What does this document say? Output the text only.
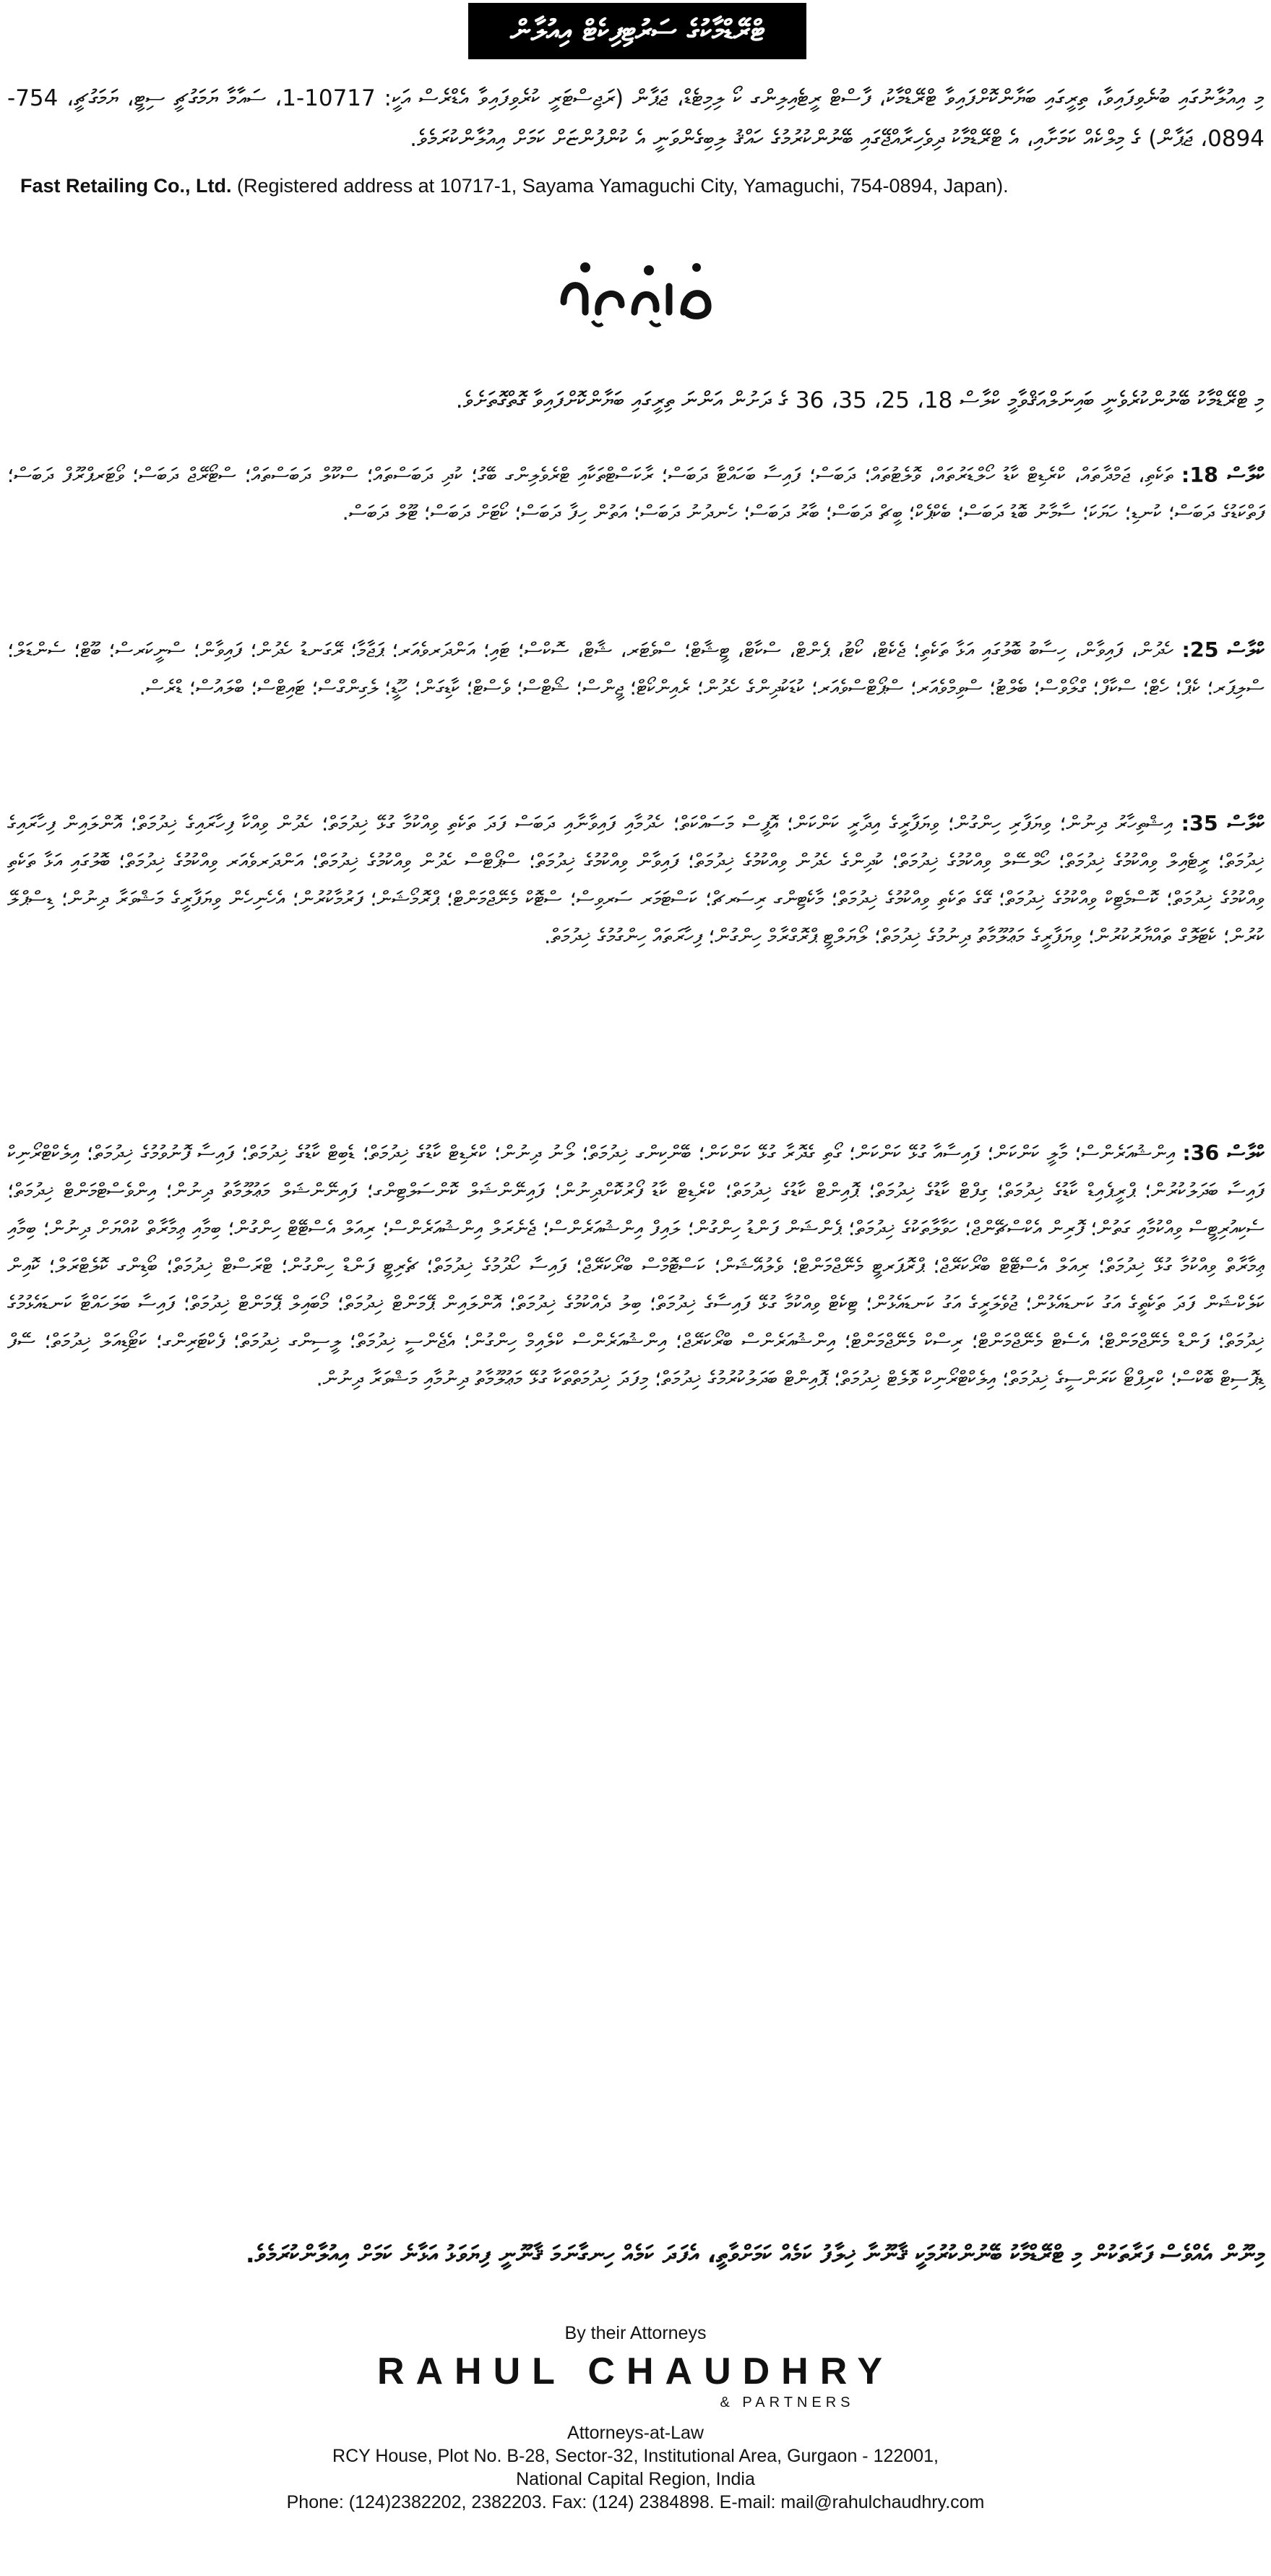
ޓްރޭޑްމާކުގެ ސަރުޓިފިކެޓް އިއުލާން
މި އިއުލާނުގައި ބުނެވިފައިވާ، ތިރީގައި ބަޔާންކޮށްފައިވާ ޓްރޭޑްމާކު، ފާސްޓް ރީޓެއިލިންގ ކޯ ލިމިޓެޑް، ޖަޕާން (ރަޖިސްޓަރީ ކުރެވިފައިވާ އެޑްރެސް އަކީ: 10717-1، ސައާމާ ޔަމަގުޗީ ސިޓީ، ޔަމަގުޗީ، 754-0894، ޖަޕާން) ގެ މިލްކެއް ކަމަށާއި، އެ ޓްރޭޑްމާކު ދިވެހިރާއްޖޭގައި ބޭނުންކުރުމުގެ ހައްޤު ލިބިގެންވަނީ އެ ކުންފުންޏަށް ކަމަށް އިއުލާންކުރަމެވެ.
Fast Retailing Co., Ltd. (Registered address at 10717-1, Sayama Yamaguchi City, Yamaguchi, 754-0894, Japan).
މި ޓްރޭޑްމާކު ބޭނުންކުރެވެނީ ބައިނަލްއަޤްވާމީ ކްލާސް 18، 25، 35، 36 ގެ ދަށުން އަންނަ ތިރީގައި ބަޔާންކޮށްފައިވާ ގޮތްގޮތަށެވެ.
ކްލާސް 18: ތަކެތި، ޖަމްދާތައް، ކްރެޑިޓް ކާޑު ހޯލްޑަރުތައް، ވޮލެޓުތައް؛ ދަބަސް؛ ފައިސާ ބަހައްޓާ ދަބަސް؛ ރާކަސްޓްތަކާއި ޓްރެވެލިންގ ބޭގު؛ ކުދި ދަބަސްތައް؛ ސްކޫލް ދަބަސްތައް؛ ސްޓޯރޭޖް ދަބަސް؛ ވޯޓަރޕްރޫފް ދަބަސް؛ ފަތްކަޑުގެ ދަބަސް؛ ކުނޑި؛ ހަޔަކަ؛ ސާމާނު ބޮޑު ދަބަސް؛ ބެކްޕެކް؛ ބީޗް ދަބަސް؛ ބާރު ދަބަސް؛ ހެނދުނު ދަބަސް؛ އަތުން ހިފާ ދަބަސް؛ ކޯޓަށް ދަބަސް؛ ޓޫލް ދަބަސް.
ކްލާސް 25: ހެދުން، ފައިވާން، ހިސާބު ބޮލުގައި އަޅާ ތަކެތި؛ ޖެކެޓް، ކޯޓު، ޕެންޓް، ސްކާޓް، ޓީޝާޓް؛ ސްވެޓަރ، ޝާޓް، ސޮކްސް؛ ޓައި؛ އަންދަރވެއަރ؛ ޕަޖާމާ؛ ރޭގަނޑު ހެދުން؛ ފައިވާން؛ ސްނީކަރސް؛ ބޫޓް؛ ސެންޑަލް؛ ސްލިޕަރ؛ ކެޕް؛ ހެޓް؛ ސްކާފް؛ ގްލޯވްސް؛ ބެލްޓު؛ ސްވިމްވެއަރ؛ ސްޕޯޓްސްވެއަރ؛ ކުޑަކުދިންގެ ހެދުން؛ ރެއިންކޯޓް؛ ޖީންސް؛ ޝޯޓްސް؛ ވެސްޓް؛ ކާޑިގަން؛ ހޫޑީ؛ ލެގިންގްސް؛ ޓައިޓްސް؛ ބްލައުސް؛ ޑްރެސް.
ކްލާސް 35: އިޝްތިހާރު ދިނުން؛ ވިޔަފާރި ހިންގުން؛ ވިޔަފާރީގެ އިދާރީ ކަންކަން؛ އޮފީސް މަސައްކަތް؛ ހެދުމާއި ފައިވާނާއި ދަބަސް ފަދަ ތަކެތި ވިއްކުމާ ގުޅޭ ޚިދުމަތް؛ ހެދުން ވިއްކާ ފިހާރައިގެ ޚިދުމަތް؛ އޮންލައިން ފިހާރައިގެ ޚިދުމަތް؛ ރީޓެއިލް ވިއްކުމުގެ ޚިދުމަތް؛ ހޯލްސޭލް ވިއްކުމުގެ ޚިދުމަތް؛ ކުދިންގެ ހެދުން ވިއްކުމުގެ ޚިދުމަތް؛ ފައިވާން ވިއްކުމުގެ ޚިދުމަތް؛ ސްޕޯޓްސް ހެދުން ވިއްކުމުގެ ޚިދުމަތް؛ އަންދަރވެއަރ ވިއްކުމުގެ ޚިދުމަތް؛ ބޮލުގައި އަޅާ ތަކެތި ވިއްކުމުގެ ޚިދުމަތް؛ ކޮސްމެޓިކް ވިއްކުމުގެ ޚިދުމަތް؛ ގޭގެ ތަކެތި ވިއްކުމުގެ ޚިދުމަތް؛ މާކެޓިންގ ރިސަރޗް؛ ކަސްޓަމަރ ސަރވިސް؛ ސްޓޮކް މެނޭޖްމަންޓް؛ ޕްރޮމޯޝަން؛ ފަރުމާކުރުން؛ އެހެނިހެން ވިޔަފާރީގެ މަޝްވަރާ ދިނުން؛ ޑިސްޕްލޭ ކުރުން؛ ކެޓަލޮގް ތައްޔާރުކުރުން؛ ވިޔަފާރީގެ މަޢުލޫމާތު ދިނުމުގެ ޚިދުމަތް؛ ލޯޔަލްޓީ ޕްރޮގްރާމް ހިންގުން؛ ފިހާރަތައް ހިންގުމުގެ ޚިދުމަތް.
ކްލާސް 36: އިންޝުއަރެންސް؛ މާލީ ކަންކަން؛ ފައިސާއާ ގުޅޭ ކަންކަން؛ ގޯތި ގެދޮރާ ގުޅޭ ކަންކަން؛ ބޭންކިންގ ޚިދުމަތް؛ ލޯނު ދިނުން؛ ކްރެޑިޓް ކާޑުގެ ޚިދުމަތް؛ ޑެބިޓް ކާޑުގެ ޚިދުމަތް؛ ފައިސާ ފޮނުވުމުގެ ޚިދުމަތް؛ އިލެކްޓްރޯނިކް ފައިސާ ބަދަލުކުރުން؛ ޕްރީޕެއިޑް ކާޑުގެ ޚިދުމަތް؛ ގިފްޓް ކާޑުގެ ޚިދުމަތް؛ ޕޮއިންޓް ކާޑުގެ ޚިދުމަތް؛ ކްރެޑިޓް ކާޑު ފޯރުކޮށްދިނުން؛ ފައިނޭންޝަލް ކޮންސަލްޓިންގ؛ ފައިނޭންޝަލް މަޢުލޫމާތު ދިނުން؛ އިންވެސްޓްމަންޓް ޚިދުމަތް؛ ސެކިއުރިޓީސް ވިއްކުމާއި ގަތުން؛ ފޮރިން އެކްސްޗޭންޖް؛ ހަވާލާތަކުގެ ޚިދުމަތް؛ ޕެންޝަން ފަންޑު ހިންގުން؛ ލައިފް އިންޝުއަރެންސް؛ ޖެނެރަލް އިންޝުއަރެންސް؛ ރިއަލް އެސްޓޭޓް ހިންގުން؛ ބިމާއި ޢިމާރާތް ކުއްޔަށް ދިނުން؛ ބިމާއި ޢިމާރާތް ވިއްކުމާ ގުޅޭ ޚިދުމަތް؛ ރިއަލް އެސްޓޭޓް ބްރޯކަރޭޖް؛ ޕްރޮޕަރޓީ މެނޭޖްމަންޓް؛ ވެލުއޭޝަން؛ ކަސްޓޮމްސް ބްރޯކަރޭޖް؛ ފައިސާ ހޯދުމުގެ ޚިދުމަތް؛ ޗެރިޓީ ފަންޑް ހިންގުން؛ ޓްރަސްޓް ޚިދުމަތް؛ ބޯޑިންގ ކޮލެޓްރަލް؛ ކޮއިން ކަލެކްޝަން ފަދަ ތަކެތީގެ އަގު ކަނޑައެޅުން؛ ޖުވެލަރީގެ އަގު ކަނޑައެޅުން؛ ޓިކެޓް ވިއްކުމާ ގުޅޭ ފައިސާގެ ޚިދުމަތް؛ ބިލު ދެއްކުމުގެ ޚިދުމަތް؛ އޮންލައިން ޕޭމަންޓް ޚިދުމަތް؛ މޯބައިލް ޕޭމަންޓް ޚިދުމަތް؛ ފައިސާ ބަލަހައްޓާ ކަނޑައެޅުމުގެ ޚިދުމަތް؛ ފަންޑް މެނޭޖްމަންޓް؛ އެސެޓް މެނޭޖްމަންޓް؛ ރިސްކް މެނޭޖްމަންޓް؛ އިންޝުއަރެންސް ބްރޯކަރޭޖް؛ އިންޝުއަރެންސް ކްލެއިމް ހިންގުން؛ އެޖެންސީ ޚިދުމަތް؛ ލީސިންގ ޚިދުމަތް؛ ފެކްޓަރިންގ؛ ކަޓޯޑިއަލް ޚިދުމަތް؛ ސޭފް ޑިޕޮސިޓް ބޮކްސް؛ ކްރިޕްޓޯ ކަރަންސީގެ ޚިދުމަތް؛ އިލެކްޓްރޯނިކް ވޮލެޓް ޚިދުމަތް؛ ޕޮއިންޓް ބަދަލުކުރުމުގެ ޚިދުމަތް؛ މިފަދަ ޚިދުމަތްތަކާ ގުޅޭ މަޢުލޫމާތު ދިނުމާއި މަޝްވަރާ ދިނުން.
މިނޫން އެއްވެސް ފަރާތަކުން މި ޓްރޭޑްމާކު ބޭނުންކުރުމަކީ ޤާނޫނާ ޚިލާފު ކަމެއް ކަމަށްވާތީ، އެފަދަ ކަމެއް ހިނގާނަމަ ޤާނޫނީ ފިޔަވަޅު އަޅާނެ ކަމަށް އިއުލާންކުރަމެވެ.
By their Attorneys
RAHUL CHAUDHRY
& PARTNERS
Attorneys-at-Law
RCY House, Plot No. B-28, Sector-32, Institutional Area, Gurgaon - 122001,
National Capital Region, India
Phone: (124)2382202, 2382203. Fax: (124) 2384898. E-mail: mail@rahulchaudhry.com
